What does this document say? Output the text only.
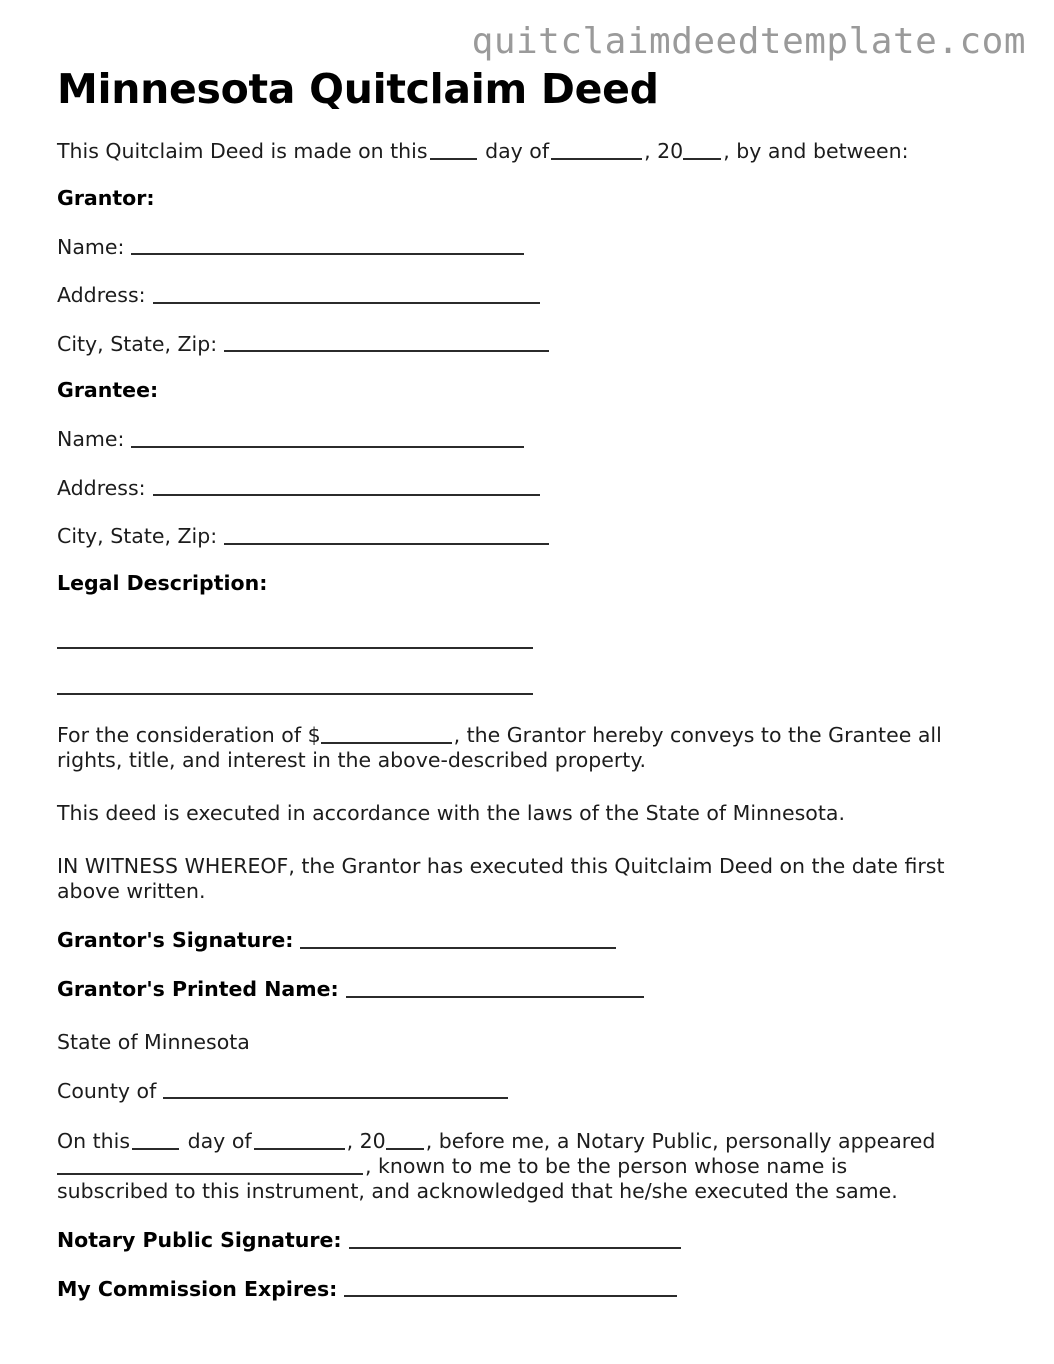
quitclaimdeedtemplate.com
Minnesota Quitclaim Deed

This Quitclaim Deed is made on this	day of	, 20 , by and between:

Grantor:

Name:
Address:
City, State, Zip:

Grantee:

Name:
Address:
City, State, Zip:

Legal Description:

For the consideration of $	, the Grantor hereby conveys to the Grantee all rights, title, and interest in the above-described property.

This deed is executed in accordance with the laws of the State of Minnesota.

IN WITNESS WHEREOF, the Grantor has executed this Quitclaim Deed on the date first above written.

Grantor's Signature:
Grantor's Printed Name:

State of Minnesota

County of

On this	day of	, 20 , before me, a Notary Public, personally appeared , known to me to be the person whose name is subscribed to this instrument, and acknowledged that he/she executed the same.

Notary Public Signature:
My Commission Expires:
